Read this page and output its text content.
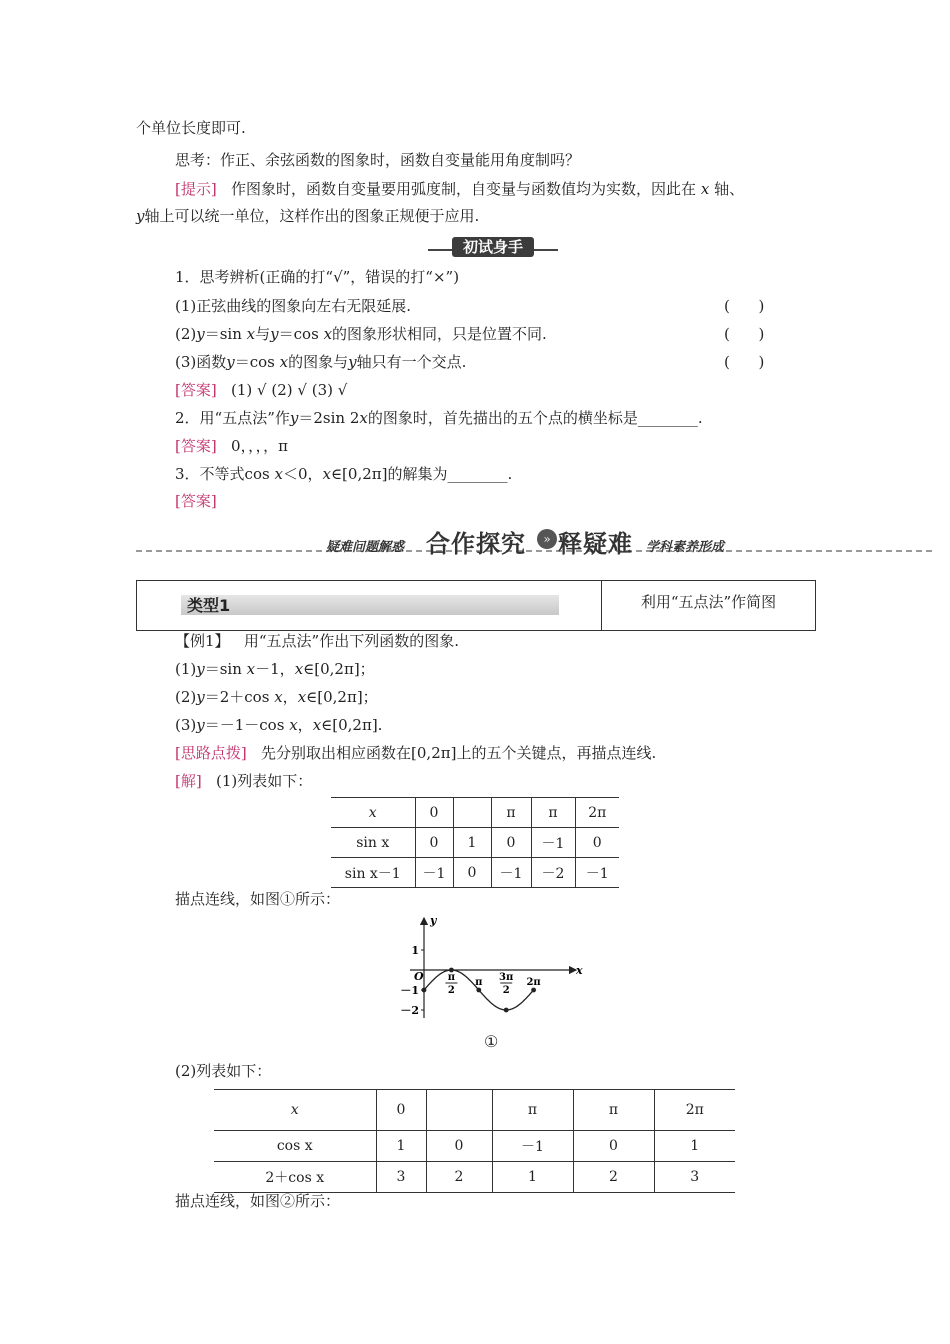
个单位长度即可.
思考：作正、余弦函数的图象时，函数自变量能用角度制吗？
[提示] 作图象时，函数自变量要用弧度制，自变量与函数值均为实数，因此在 x 轴、
y轴上可以统一单位，这样作出的图象正规便于应用.
初试身手
1．思考辨析(正确的打“√”，错误的打“×”)
(1)正弦曲线的图象向左右无限延展.	(      )
(2)y＝sin x与y＝cos x的图象形状相同，只是位置不同.	(      )
(3)函数y＝cos x的图象与y轴只有一个交点.	(      )
[答案] (1) √ (2) √ (3) √
2．用“五点法”作y＝2sin 2x的图象时，首先描出的五个点的横坐标是________.
[答案] 0，，，，π
3．不等式cos x＜0，x∈[0,2π]的解集为________.
[答案]
疑难问题解惑 合作探究	» 释疑难 学科素养形成
类型1	利用“五点法”作简图
【例1】 用“五点法”作出下列函数的图象.
(1)y＝sin x－1，x∈[0,2π]；
(2)y＝2＋cos x，x∈[0,2π]；
(3)y＝－1－cos x，x∈[0,2π].
[思路点拨] 先分别取出相应函数在[0,2π]上的五个关键点，再描点连线.
[解] (1)列表如下：
x	0		π	π	2π
sin x	0	1	0	－1	0
sin x－1	－1	0	－1	－2	－1
描点连线，如图①所示：
1
－1
－2
π
2
π 3π
2
2π
y
x
O
①
(2)列表如下：
x	0		π	π	2π
cos x	1	0	－1	0	1
2＋cos x	3	2	1	2	3
描点连线，如图②所示：
